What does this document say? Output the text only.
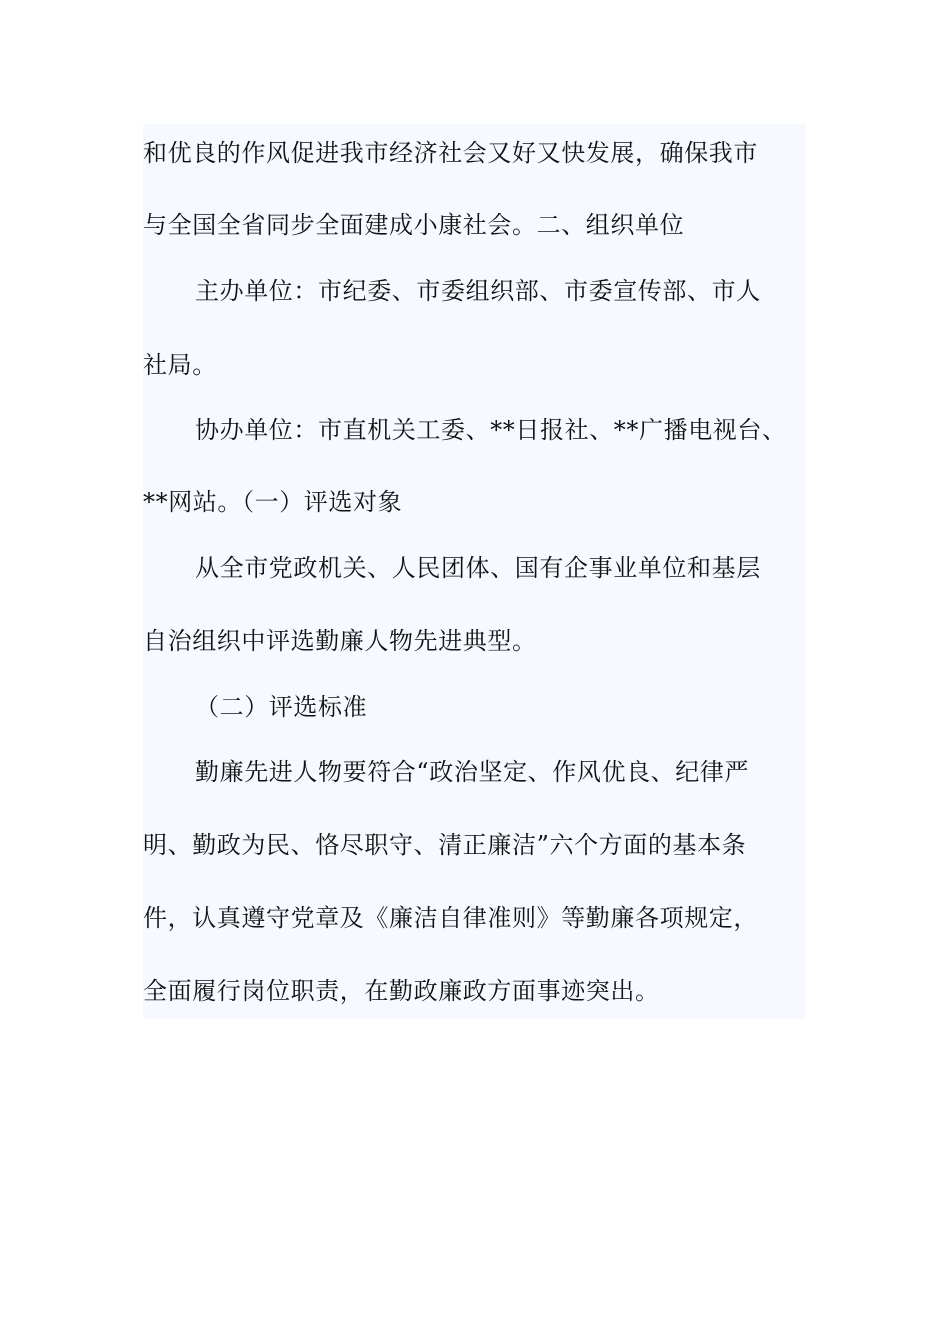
和优良的作风促进我市经济社会又好又快发展，确保我市
与全国全省同步全面建成小康社会。二、组织单位
主办单位：市纪委、市委组织部、市委宣传部、市人
社局。
协办单位：市直机关工委、**日报社、**广播电视台、
**网站。（一）评选对象
从全市党政机关、人民团体、国有企事业单位和基层
自治组织中评选勤廉人物先进典型。
（二）评选标准
勤廉先进人物要符合“政治坚定、作风优良、纪律严
明、勤政为民、恪尽职守、清正廉洁”六个方面的基本条
件，认真遵守党章及《廉洁自律准则》等勤廉各项规定，
全面履行岗位职责，在勤政廉政方面事迹突出。
